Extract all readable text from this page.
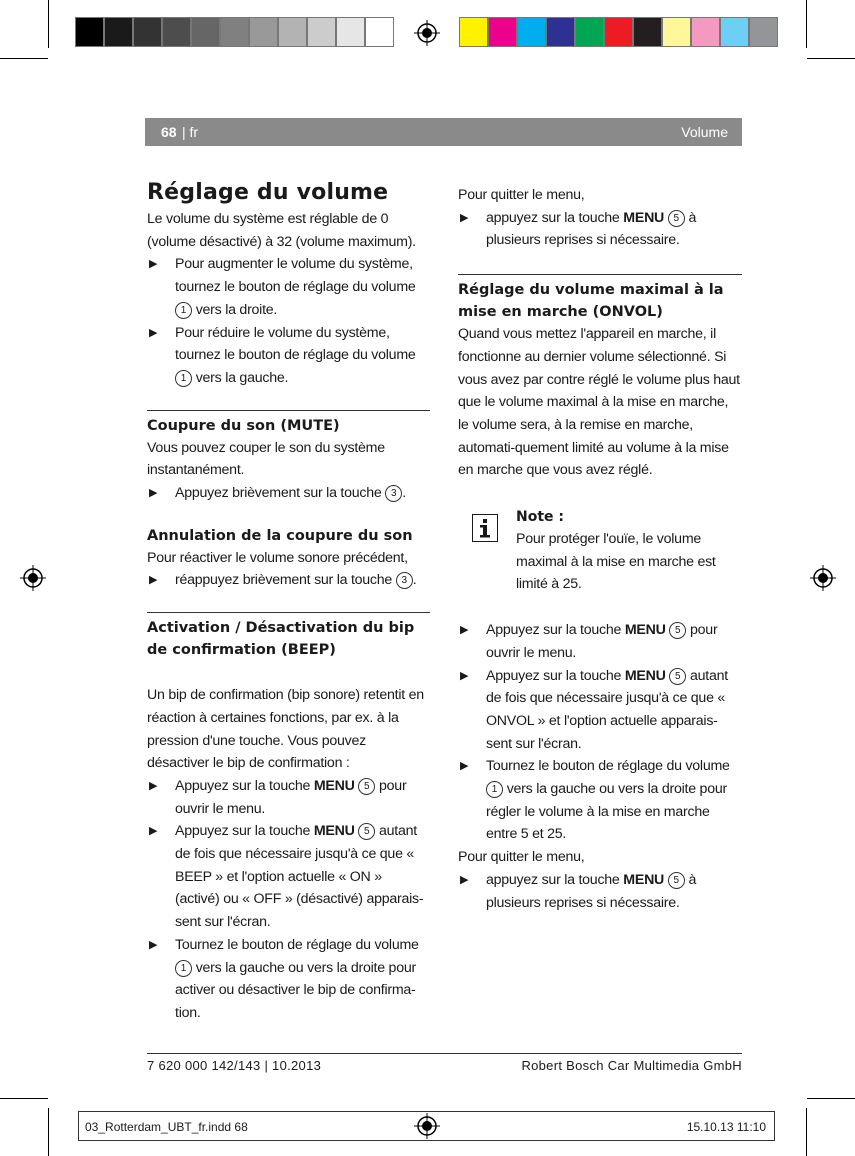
68 | fr	Volume
Réglage du volume

Le volume du système est réglable de 0 (volume désactivé) à 32 (volume maximum).

▶ Pour augmenter le volume du système, tournez le bouton de réglage du volume 1 vers la droite.
▶ Pour réduire le volume du système, tournez le bouton de réglage du volume 1 vers la gauche.
Coupure du son (MUTE)

Vous pouvez couper le son du système instantanément.

▶ Appuyez brièvement sur la touche 3 .
Annulation de la coupure du son

Pour réactiver le volume sonore précédent,

▶ réappuyez brièvement sur la touche 3 .
Activation / Désactivation du bip de confirmation (BEEP)

Un bip de confirmation (bip sonore) retentit en réaction à certaines fonctions, par ex. à la pression d'une touche. Vous pouvez désactiver le bip de confirmation :

▶ Appuyez sur la touche MENU 5 pour ouvrir le menu.
▶ Appuyez sur la touche MENU 5 autant de fois que nécessaire jusqu'à ce que « BEEP » et l'option actuelle « ON » (activé) ou « OFF » (désactivé) apparais-sent sur l'écran.
▶ Tournez le bouton de réglage du volume 1 vers la gauche ou vers la droite pour activer ou désactiver le bip de confirma-tion.

Pour quitter le menu,

▶ appuyez sur la touche MENU 5 à plusieurs reprises si nécessaire.
Réglage du volume maximal à la mise en marche (ONVOL)

Quand vous mettez l'appareil en marche, il fonctionne au dernier volume sélectionné. Si vous avez par contre réglé le volume plus haut que le volume maximal à la mise en marche, le volume sera, à la remise en marche, automati-quement limité au volume à la mise en marche que vous avez réglé.

Note :

Pour protéger l'ouïe, le volume maximal à la mise en marche est limité à 25.

▶ Appuyez sur la touche MENU 5 pour ouvrir le menu.
▶ Appuyez sur la touche MENU 5 autant de fois que nécessaire jusqu'à ce que « ONVOL » et l'option actuelle apparais-sent sur l'écran.
▶ Tournez le bouton de réglage du volume 1 vers la gauche ou vers la droite pour régler le volume à la mise en marche entre 5 et 25.

Pour quitter le menu,

▶ appuyez sur la touche MENU 5 à plusieurs reprises si nécessaire.
7 620 000 142/143 | 10.2013	Robert Bosch Car Multimedia GmbH
03_Rotterdam_UBT_fr.indd 68	15.10.13 11:10
